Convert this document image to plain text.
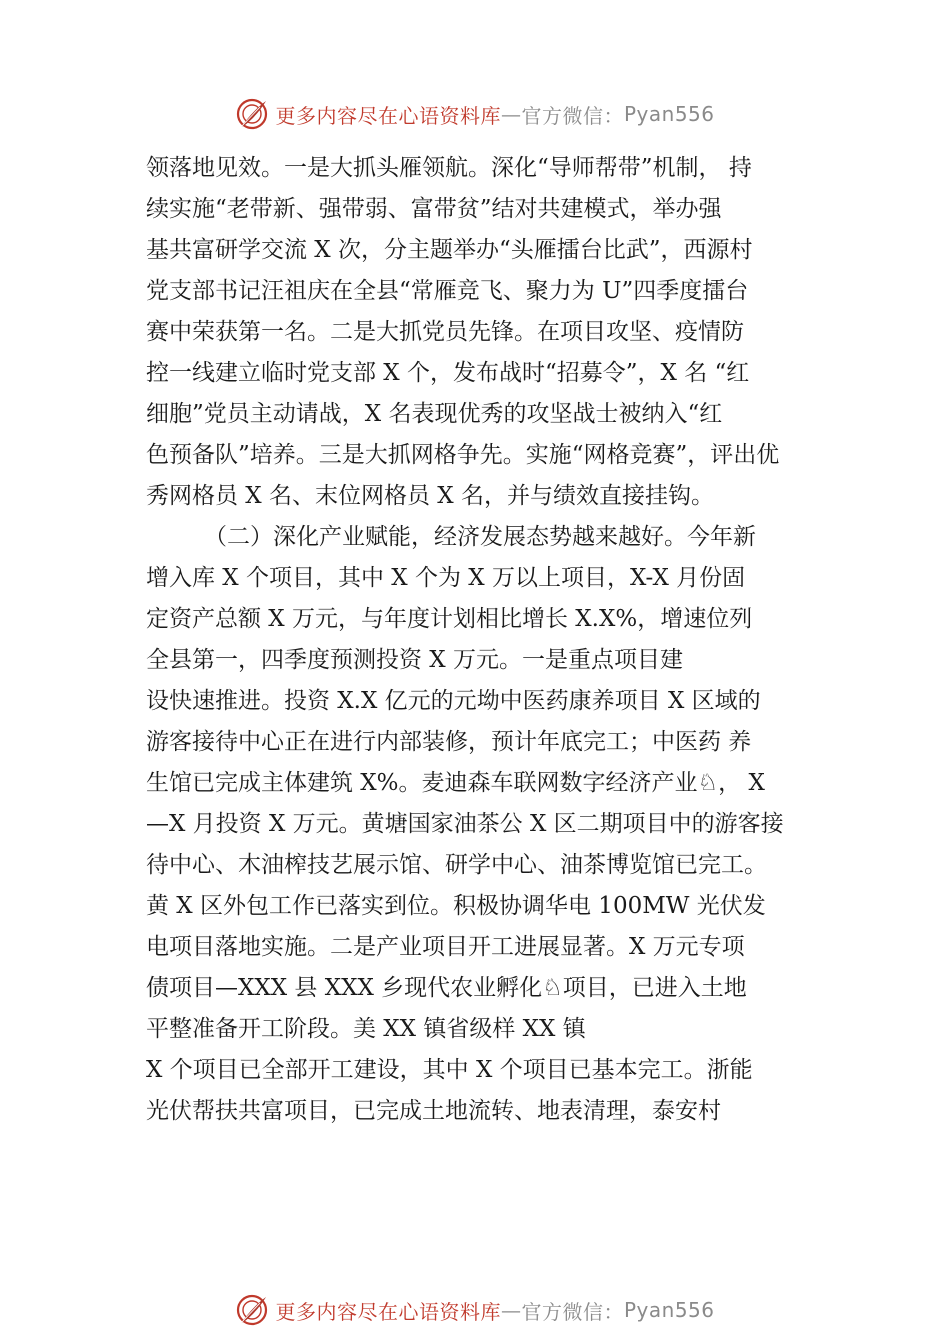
更多内容尽在心语资料库 — 官方微信： Pyan556
领落地见效。一是大抓头雁领航。深化“导师帮带”机制， 持
续实施“老带新、强带弱、富带贫”结对共建模式，举办强
基共富研学交流 X 次，分主题举办“头雁擂台比武”，西源村
党支部书记汪祖庆在全县“常雁竞飞、聚力为 U”四季度擂台
赛中荣获第一名。二是大抓党员先锋。在项目攻坚、疫情防
控一线建立临时党支部 X 个，发布战时“招募令”，X 名 “红
细胞”党员主动请战，X 名表现优秀的攻坚战士被纳入“红
色预备队”培养。三是大抓网格争先。实施“网格竞赛”，评出优
秀网格员 X 名、末位网格员 X 名，并与绩效直接挂钩。
（二）深化产业赋能，经济发展态势越来越好。今年新
增入库 X 个项目，其中 X 个为 X 万以上项目，X-X 月份固
定资产总额 X 万元，与年度计划相比增长 X.X%，增速位列
全县第一，四季度预测投资 X 万元。一是重点项目建
设快速推进。投资 X.X 亿元的元坳中医药康养项目 X 区域的
游客接待中心正在进行内部装修，预计年底完工；中医药 养
生馆已完成主体建筑 X%。麦迪森车联网数字经济产业♘， X
—X 月投资 X 万元。黄塘国家油茶公 X 区二期项目中的游客接
待中心、木油榨技艺展示馆、研学中心、油茶博览馆已完工。
黄 X 区外包工作已落实到位。积极协调华电 100MW 光伏发
电项目落地实施。二是产业项目开工进展显著。X 万元专项
债项目—XXX 县 XXX 乡现代农业孵化♘项目，已进入土地
平整准备开工阶段。美 XX 镇省级样 XX 镇
X 个项目已全部开工建设，其中 X 个项目已基本完工。浙能
光伏帮扶共富项目，已完成土地流转、地表清理，泰安村
更多内容尽在心语资料库 — 官方微信： Pyan556
